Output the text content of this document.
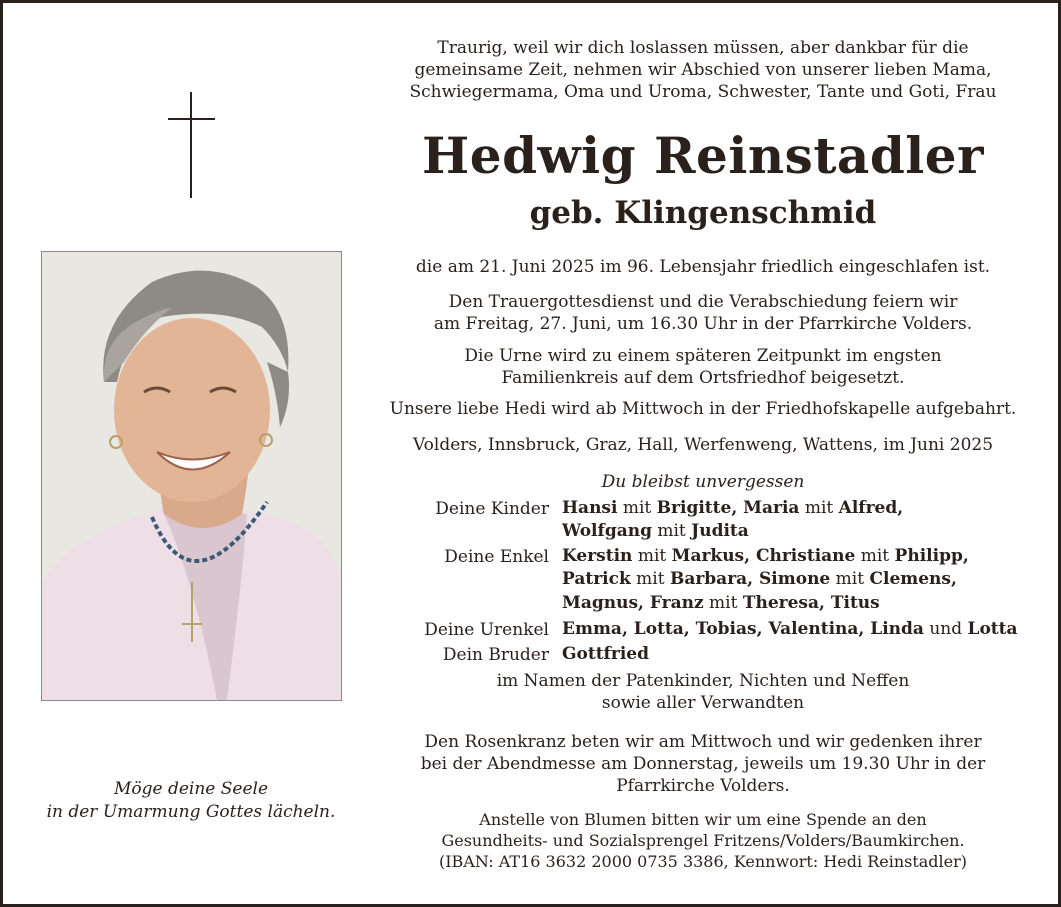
Möge deine Seele
in der Umarmung Gottes lächeln.
Traurig, weil wir dich loslassen müssen, aber dankbar für die
gemeinsame Zeit, nehmen wir Abschied von unserer lieben Mama,
Schwiegermama, Oma und Uroma, Schwester, Tante und Goti, Frau
Hedwig Reinstadler
geb. Klingenschmid
die am 21. Juni 2025 im 96. Lebensjahr friedlich eingeschlafen ist.
Den Trauergottesdienst und die Verabschiedung feiern wir
am Freitag, 27. Juni, um 16.30 Uhr in der Pfarrkirche Volders.
Die Urne wird zu einem späteren Zeitpunkt im engsten
Familienkreis auf dem Ortsfriedhof beigesetzt.
Unsere liebe Hedi wird ab Mittwoch in der Friedhofskapelle aufgebahrt.
Volders, Innsbruck, Graz, Hall, Werfenweng, Wattens, im Juni 2025
Du bleibst unvergessen
Deine Kinder Hansi mit Brigitte, Maria mit Alfred,
Wolfgang mit Judita
Deine Enkel Kerstin mit Markus, Christiane mit Philipp,
Patrick mit Barbara, Simone mit Clemens,
Magnus, Franz mit Theresa, Titus
Deine Urenkel Emma, Lotta, Tobias, Valentina, Linda und Lotta
Dein Bruder Gottfried
im Namen der Patenkinder, Nichten und Neffen
sowie aller Verwandten
Den Rosenkranz beten wir am Mittwoch und wir gedenken ihrer
bei der Abendmesse am Donnerstag, jeweils um 19.30 Uhr in der
Pfarrkirche Volders.
Anstelle von Blumen bitten wir um eine Spende an den
Gesundheits- und Sozialsprengel Fritzens/Volders/Baumkirchen.
(IBAN: AT16 3632 2000 0735 3386, Kennwort: Hedi Reinstadler)
